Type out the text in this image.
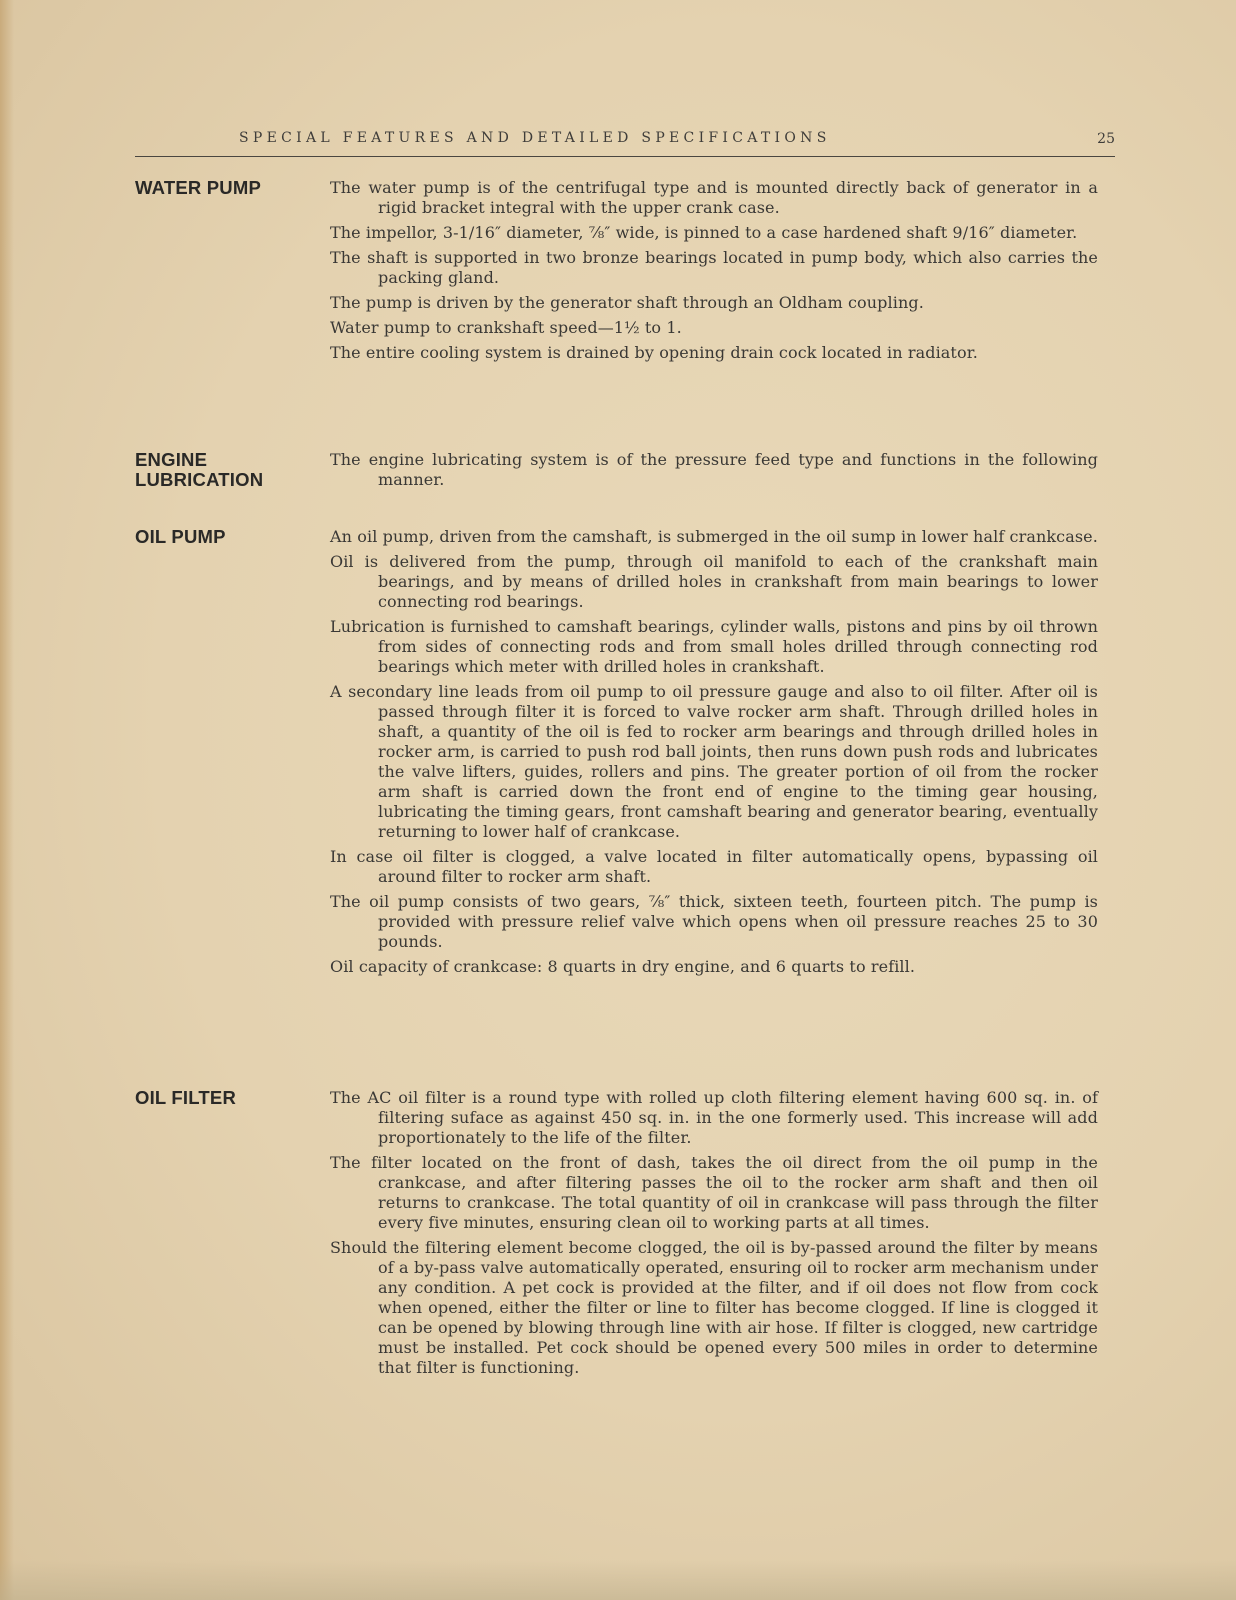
SPECIAL FEATURES AND DETAILED SPECIFICATIONS	25
WATER PUMP	The water pump is of the centrifugal type and is mounted directly back of generator in a rigid bracket integral with the upper crank case.

The impellor, 3-1/16″ diameter, ⅞″ wide, is pinned to a case hardened shaft 9/16″ diameter.

The shaft is supported in two bronze bearings located in pump body, which also carries the packing gland.

The pump is driven by the generator shaft through an Oldham coupling.

Water pump to crankshaft speed—1½ to 1.

The entire cooling system is drained by opening drain cock located in radiator.

ENGINE
LUBRICATION

The engine lubricating system is of the pressure feed type and functions in the following manner.

OIL PUMP	An oil pump, driven from the camshaft, is submerged in the oil sump in lower half crankcase.

Oil is delivered from the pump, through oil manifold to each of the crankshaft main bearings, and by means of drilled holes in crankshaft from main bearings to lower connecting rod bearings.

Lubrication is furnished to camshaft bearings, cylinder walls, pistons and pins by oil thrown from sides of connecting rods and from small holes drilled through connecting rod bearings which meter with drilled holes in crankshaft.

A secondary line leads from oil pump to oil pressure gauge and also to oil filter. After oil is passed through filter it is forced to valve rocker arm shaft. Through drilled holes in shaft, a quantity of the oil is fed to rocker arm bearings and through drilled holes in rocker arm, is carried to push rod ball joints, then runs down push rods and lubricates the valve lifters, guides, rollers and pins. The greater portion of oil from the rocker arm shaft is carried down the front end of engine to the timing gear housing, lubricating the timing gears, front camshaft bearing and generator bearing, eventually returning to lower half of crankcase.

In case oil filter is clogged, a valve located in filter automatically opens, bypassing oil around filter to rocker arm shaft.

The oil pump consists of two gears, ⅞″ thick, sixteen teeth, fourteen pitch. The pump is provided with pressure relief valve which opens when oil pressure reaches 25 to 30 pounds.

Oil capacity of crankcase: 8 quarts in dry engine, and 6 quarts to refill.

OIL FILTER	The AC oil filter is a round type with rolled up cloth filtering element having 600 sq. in. of filtering suface as against 450 sq. in. in the one formerly used. This increase will add proportionately to the life of the filter.

The filter located on the front of dash, takes the oil direct from the oil pump in the crankcase, and after filtering passes the oil to the rocker arm shaft and then oil returns to crankcase. The total quantity of oil in crankcase will pass through the filter every five minutes, ensuring clean oil to working parts at all times.

Should the filtering element become clogged, the oil is by-passed around the filter by means of a by-pass valve automatically operated, ensuring oil to rocker arm mechanism under any condition. A pet cock is provided at the filter, and if oil does not flow from cock when opened, either the filter or line to filter has become clogged. If line is clogged it can be opened by blowing through line with air hose. If filter is clogged, new cartridge must be installed. Pet cock should be opened every 500 miles in order to determine that filter is functioning.
